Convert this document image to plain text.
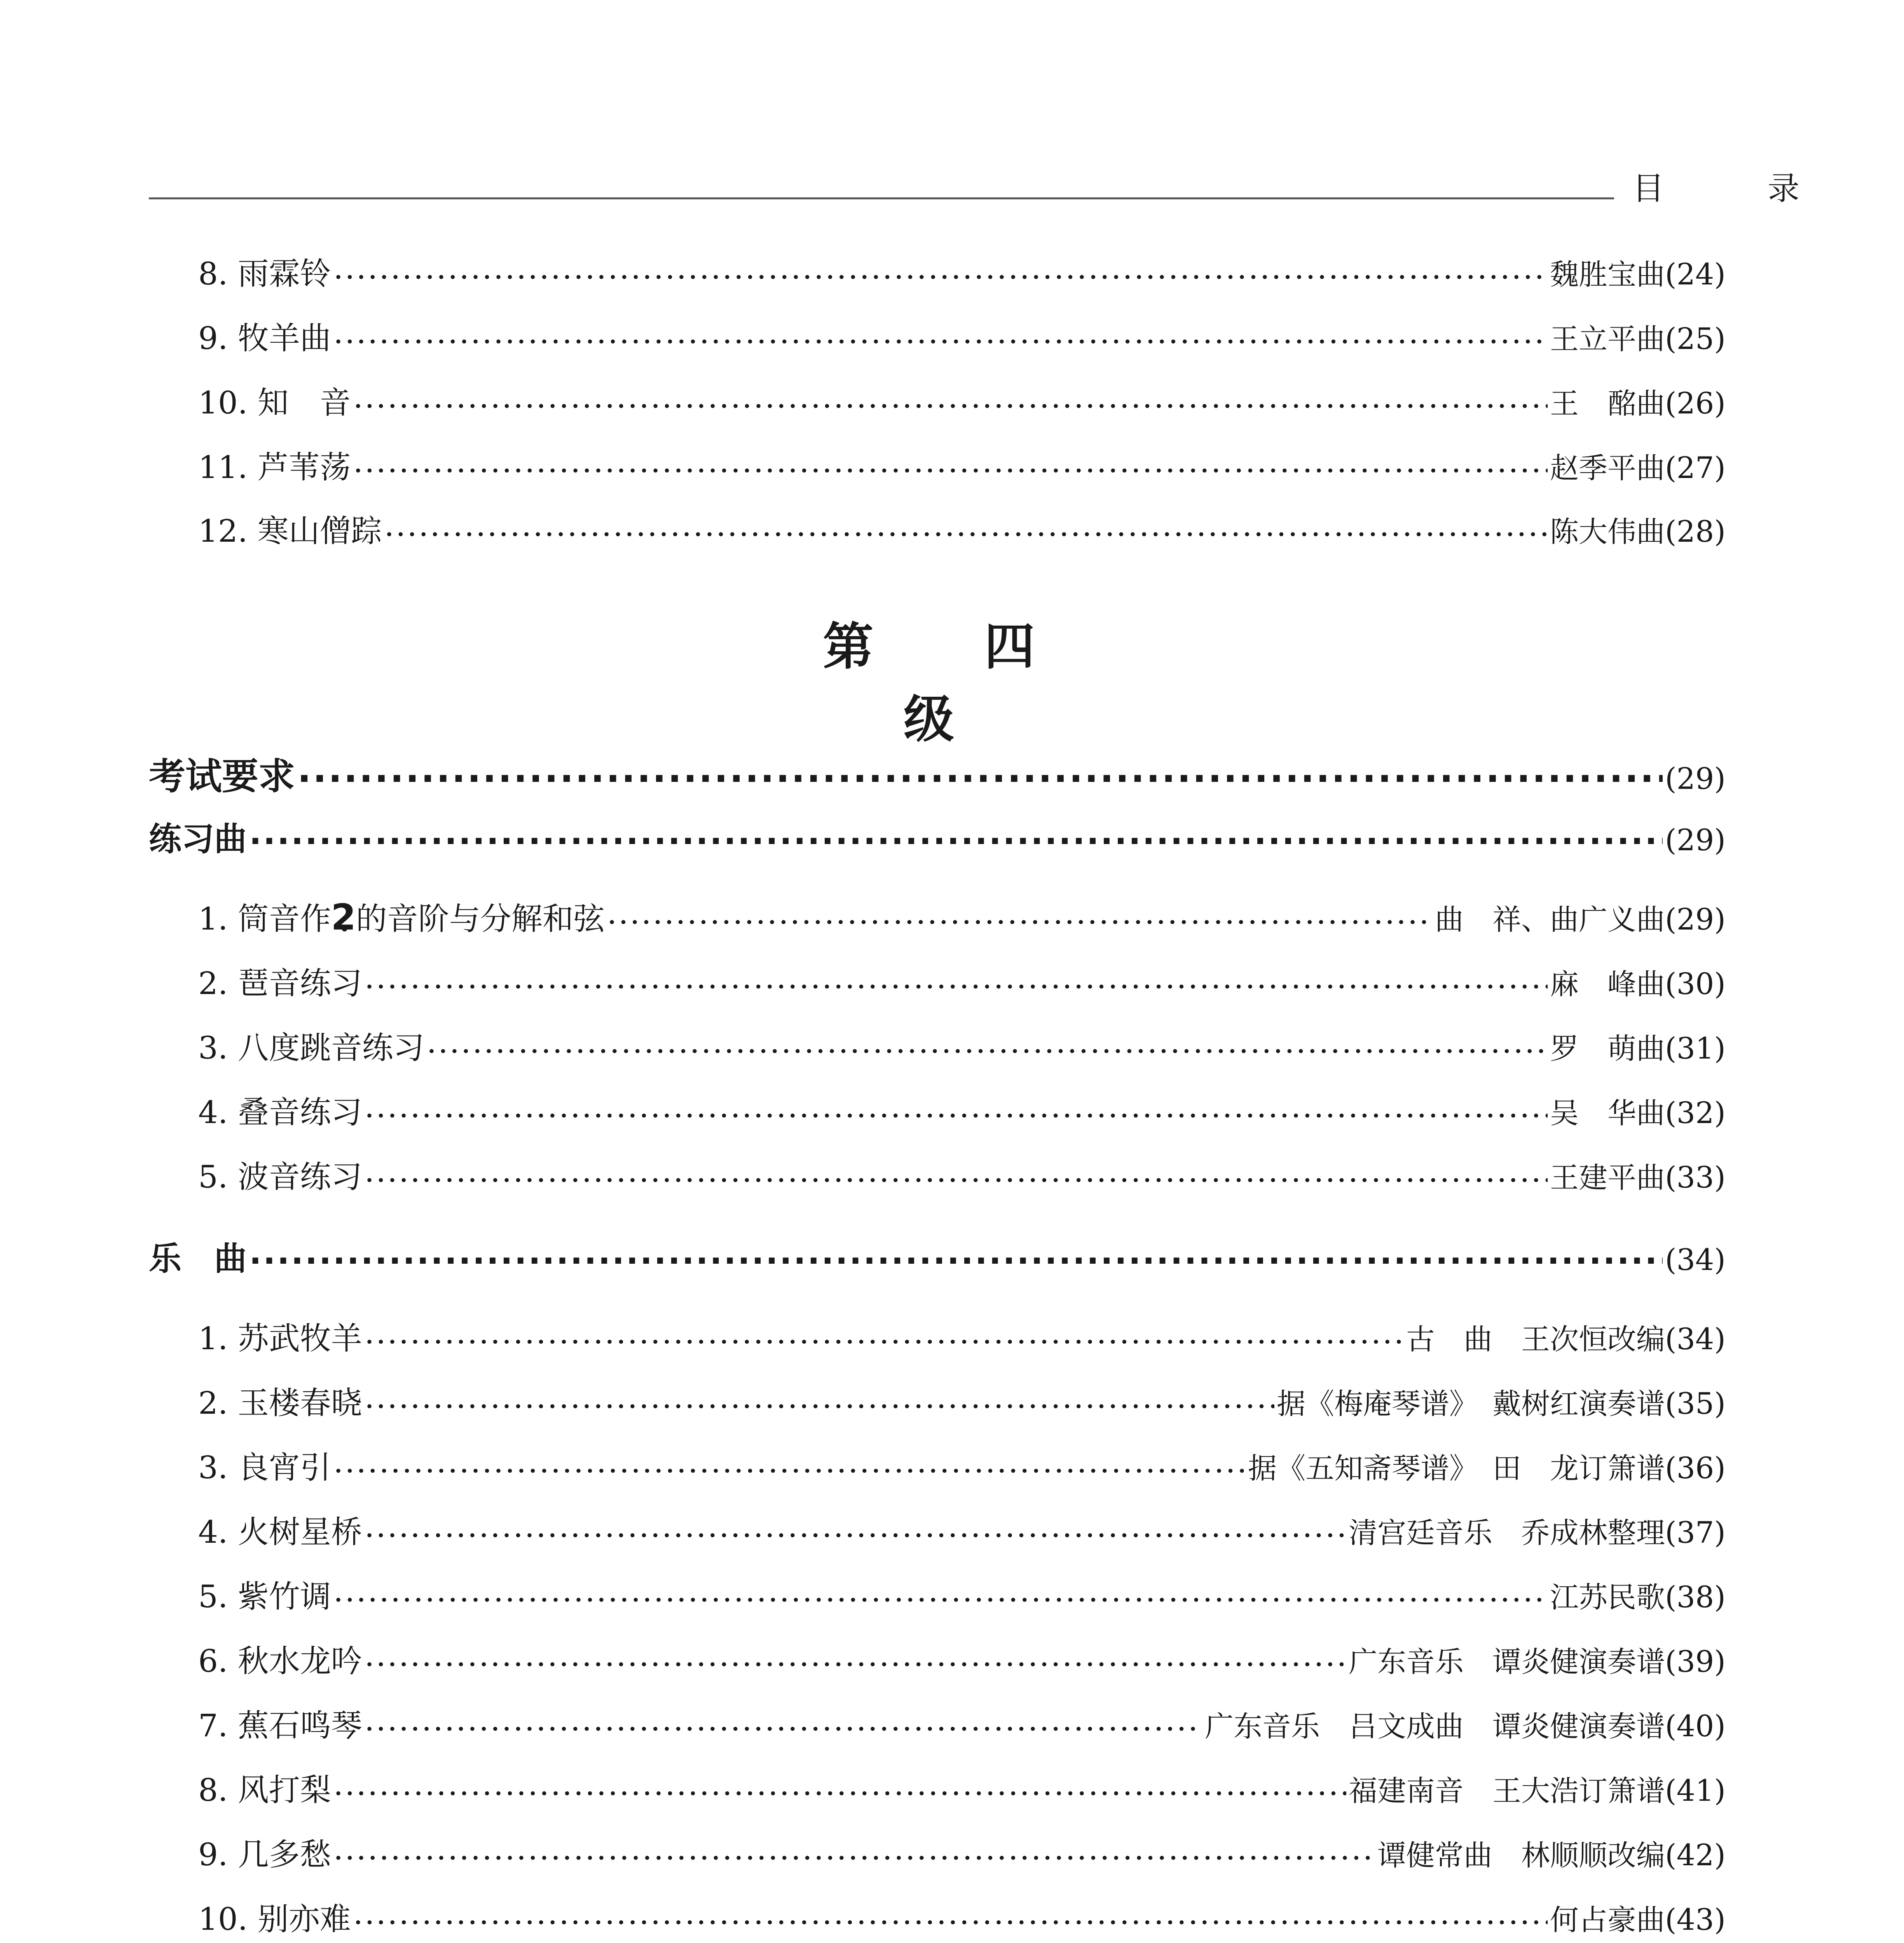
目 录
8. 雨霖铃 .....	魏胜宝曲 (24)
9. 牧羊曲 .....	王立平曲 (25)
10. 知　音 .....	王　酩曲 (26)
11. 芦苇荡 .....	赵季平曲 (27)
12. 寒山僧踪 .....	陈大伟曲 (28)
第 四 级
考试要求 .....	(29)
练习曲 .....	(29)
1. 筒音作2 •的音阶与分解和弦 .....	曲　祥、曲广义曲 (29)
2. 琶音练习 .....	麻　峰曲 (30)
3. 八度跳音练习 .....	罗　萌曲 (31)
4. 叠音练习 .....	吴　华曲 (32)
5. 波音练习 .....	王建平曲 (33)
乐　曲 .....	(34)
1. 苏武牧羊 .....	古　曲　王次恒改编 (34)
2. 玉楼春晓 .....	据《梅庵琴谱》　戴树红演奏谱 (35)
3. 良宵引 .....	据《五知斋琴谱》　田　龙订箫谱 (36)
4. 火树星桥 .....	清宫廷音乐　乔成林整理 (37)
5. 紫竹调 .....	江苏民歌 (38)
6. 秋水龙吟 .....	广东音乐　谭炎健演奏谱 (39)
7. 蕉石鸣琴 .....	广东音乐　吕文成曲　谭炎健演奏谱 (40)
8. 风打梨 .....	福建南音　王大浩订箫谱 (41)
9. 几多愁 .....	谭健常曲　林顺顺改编 (42)
10. 别亦难 .....	何占豪曲 (43)
